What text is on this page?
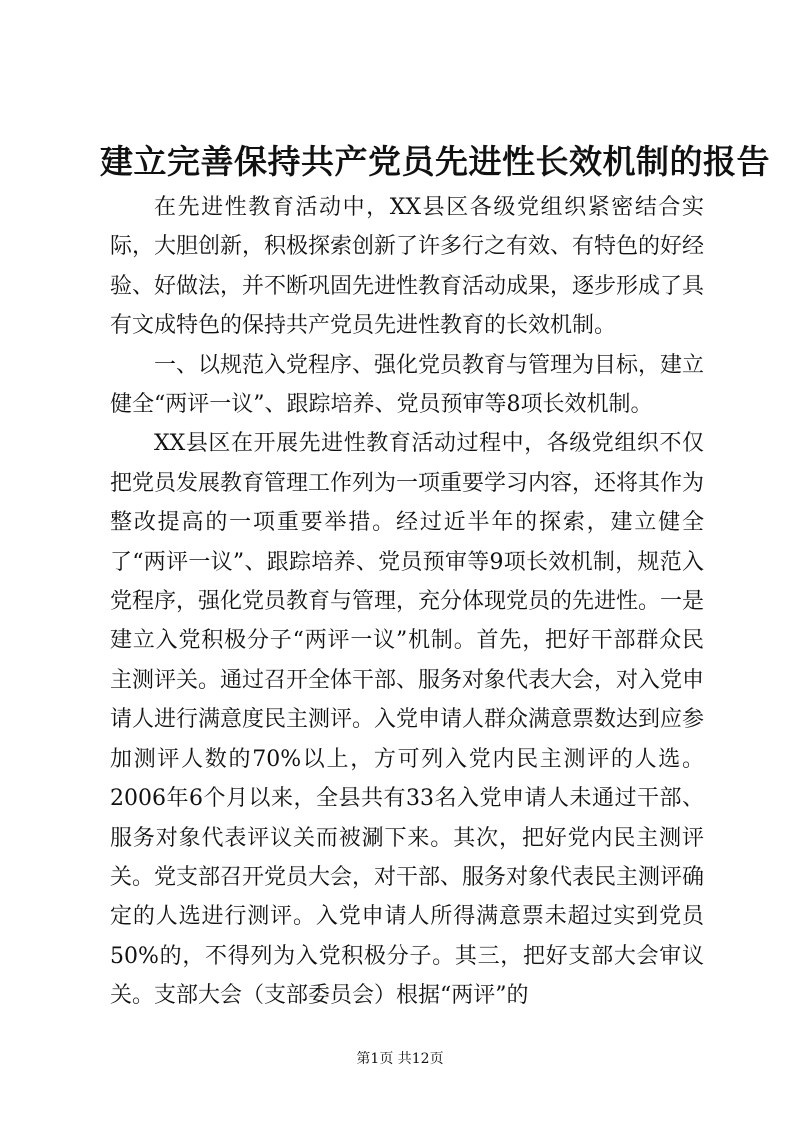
建立完善保持共产党员先进性长效机制的报告

在先进性教育活动中，XX县区各级党组织紧密结合实际，大胆创新，积极探索创新了许多行之有效、有特色的好经验、好做法，并不断巩固先进性教育活动成果，逐步形成了具有文成特色的保持共产党员先进性教育的长效机制。

一、以规范入党程序、强化党员教育与管理为目标，建立健全“两评一议”、跟踪培养、党员预审等8项长效机制。

XX县区在开展先进性教育活动过程中，各级党组织不仅把党员发展教育管理工作列为一项重要学习内容，还将其作为整改提高的一项重要举措。经过近半年的探索，建立健全了“两评一议”、跟踪培养、党员预审等9项长效机制，规范入党程序，强化党员教育与管理，充分体现党员的先进性。一是建立入党积极分子“两评一议”机制。首先，把好干部群众民主测评关。通过召开全体干部、服务对象代表大会，对入党申请人进行满意度民主测评。入党申请人群众满意票数达到应参加测评人数的70%以上，方可列入党内民主测评的人选。2006年6个月以来，全县共有33名入党申请人未通过干部、服务对象代表评议关而被涮下来。其次，把好党内民主测评关。党支部召开党员大会，对干部、服务对象代表民主测评确定的人选进行测评。入党申请人所得满意票未超过实到党员50%的，不得列为入党积极分子。其三，把好支部大会审议关。支部大会（支部委员会）根据“两评”的

第1页 共12页
